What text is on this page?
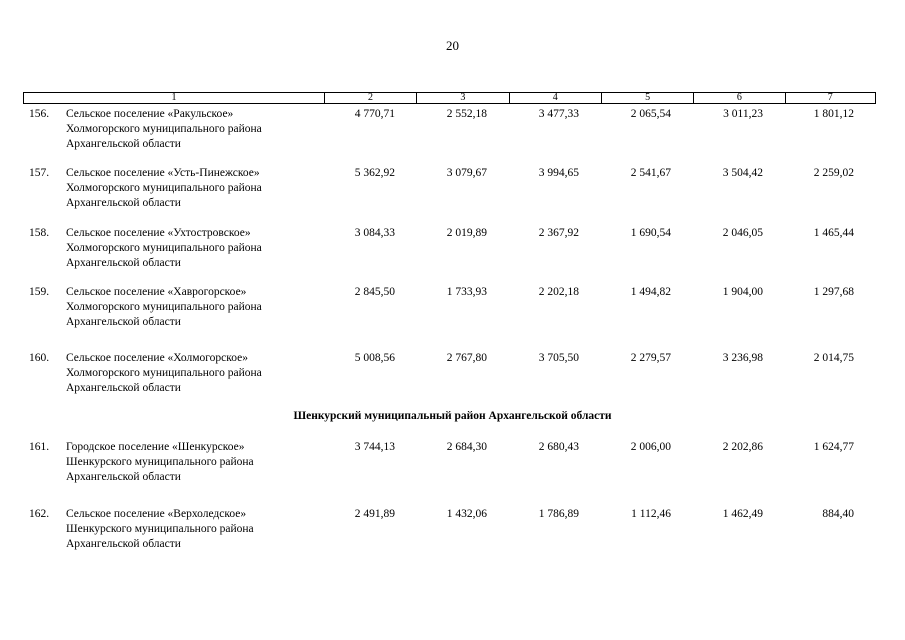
20
1	2	3	4	5	6	7
156. Сельское поселение «Ракульское»
Холмогорского муниципального района
Архангельской области
4 770,71	2 552,18	3 477,33	2 065,54	3 011,23	1 801,12
157. Сельское поселение «Усть-Пинежское»
Холмогорского муниципального района
Архангельской области
5 362,92	3 079,67	3 994,65	2 541,67	3 504,42	2 259,02
158. Сельское поселение «Ухтостровское»
Холмогорского муниципального района
Архангельской области
3 084,33	2 019,89	2 367,92	1 690,54	2 046,05	1 465,44
159. Сельское поселение «Хаврогорское»
Холмогорского муниципального района
Архангельской области
2 845,50	1 733,93	2 202,18	1 494,82	1 904,00	1 297,68
160. Сельское поселение «Холмогорское»
Холмогорского муниципального района
Архангельской области
5 008,56	2 767,80	3 705,50	2 279,57	3 236,98	2 014,75
Шенкурский муниципальный район Архангельской области
161. Городское поселение «Шенкурское»
Шенкурского муниципального района
Архангельской области
3 744,13	2 684,30	2 680,43	2 006,00	2 202,86	1 624,77
162. Сельское поселение «Верхоледское»
Шенкурского муниципального района
Архангельской области
2 491,89	1 432,06	1 786,89	1 112,46	1 462,49	884,40
